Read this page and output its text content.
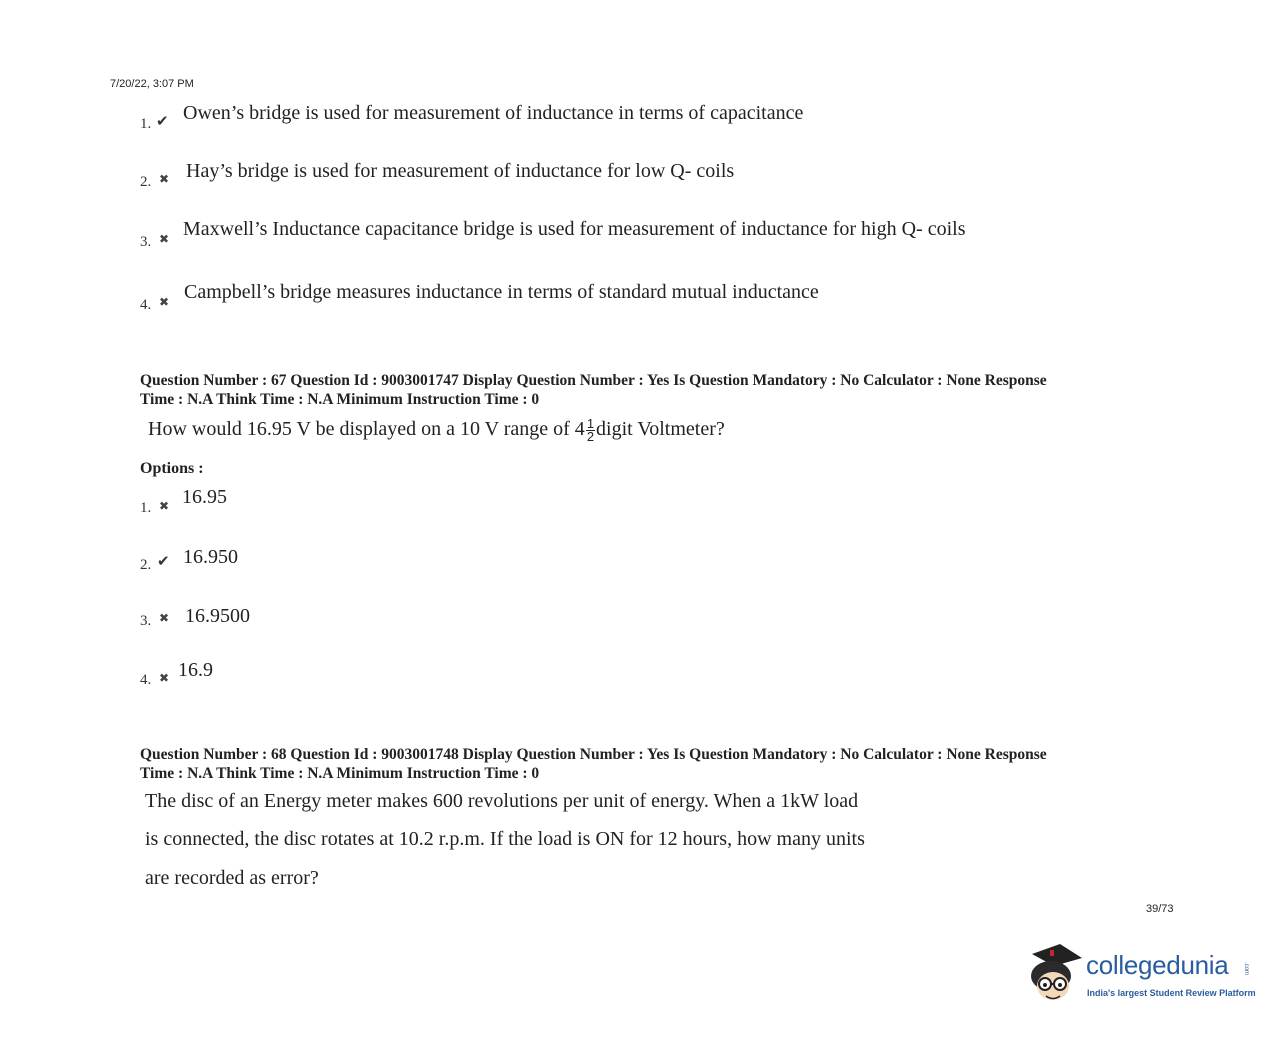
7/20/22, 3:07 PM
1. ✔ Owen’s bridge is used for measurement of inductance in terms of capacitance
2. ✖ Hay’s bridge is used for measurement of inductance for low Q- coils
3. ✖ Maxwell’s Inductance capacitance bridge is used for measurement of inductance for high Q- coils
4. ✖ Campbell’s bridge measures inductance in terms of standard mutual inductance
Question Number : 67 Question Id : 9003001747 Display Question Number : Yes Is Question Mandatory : No Calculator : None Response
Time : N.A Think Time : N.A Minimum Instruction Time : 0
How would 16.95 V be displayed on a 10 V range of $4 \frac{1}{2}$ digit Voltmeter?
Options :
1. ✖ 16.95
2. ✔ 16.950
3. ✖ 16.9500
4. ✖ 16.9
Question Number : 68 Question Id : 9003001748 Display Question Number : Yes Is Question Mandatory : No Calculator : None Response
Time : N.A Think Time : N.A Minimum Instruction Time : 0
The disc of an Energy meter makes 600 revolutions per unit of energy. When a 1kW load
is connected, the disc rotates at 10.2 r.p.m. If the load is ON for 12 hours, how many units
are recorded as error?
39/73
collegedunia .com
India's largest Student Review Platform
